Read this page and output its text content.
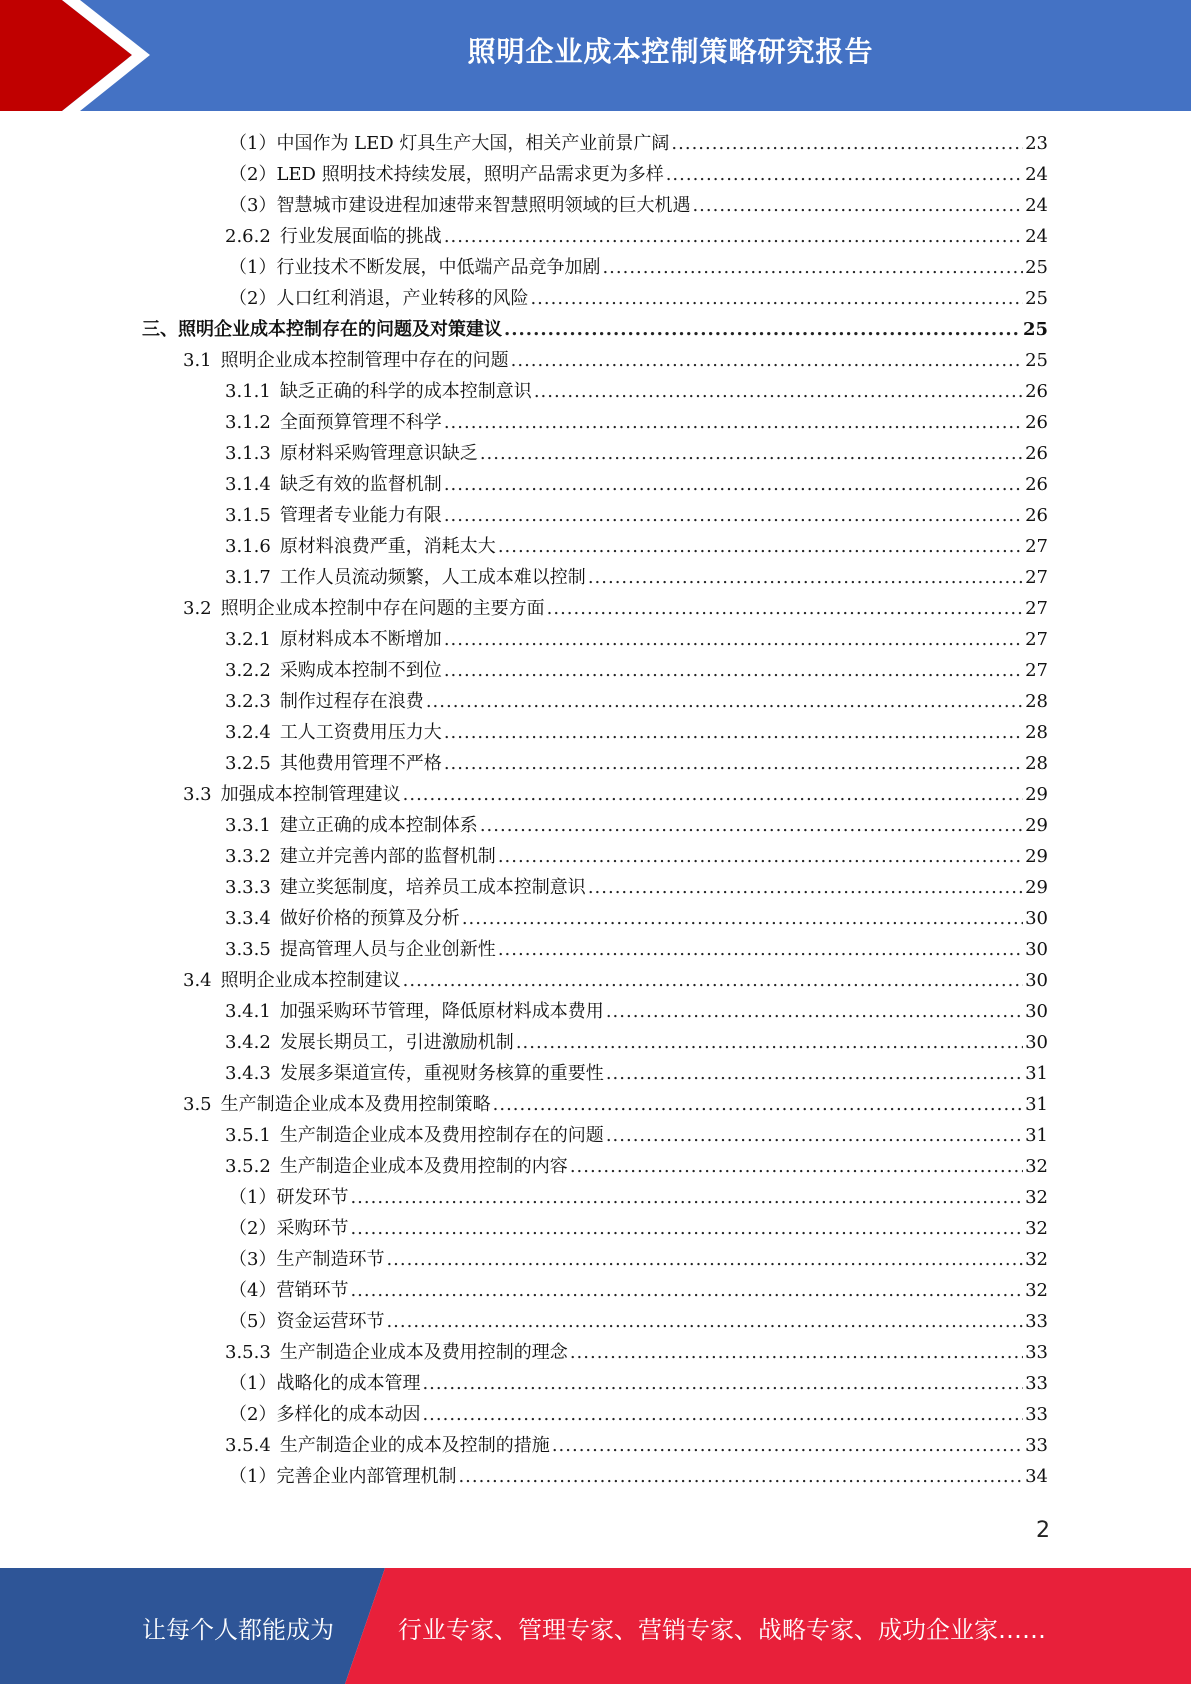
照明企业成本控制策略研究报告
（1）中国作为 LED 灯具生产大国，相关产业前景广阔 .....	23
（2）LED 照明技术持续发展，照明产品需求更为多样 .....	24
（3）智慧城市建设进程加速带来智慧照明领域的巨大机遇 .....	24
2.6.2 行业发展面临的挑战 .....	24
（1）行业技术不断发展，中低端产品竞争加剧 .....	25
（2）人口红利消退，产业转移的风险 .....	25
三、照明企业成本控制存在的问题及对策建议 .....	25
3.1 照明企业成本控制管理中存在的问题 .....	25
3.1.1 缺乏正确的科学的成本控制意识 .....	26
3.1.2 全面预算管理不科学 .....	26
3.1.3 原材料采购管理意识缺乏 .....	26
3.1.4 缺乏有效的监督机制 .....	26
3.1.5 管理者专业能力有限 .....	26
3.1.6 原材料浪费严重，消耗太大 .....	27
3.1.7 工作人员流动频繁，人工成本难以控制 .....	27
3.2 照明企业成本控制中存在问题的主要方面 .....	27
3.2.1 原材料成本不断增加 .....	27
3.2.2 采购成本控制不到位 .....	27
3.2.3 制作过程存在浪费 .....	28
3.2.4 工人工资费用压力大 .....	28
3.2.5 其他费用管理不严格 .....	28
3.3 加强成本控制管理建议 .....	29
3.3.1 建立正确的成本控制体系 .....	29
3.3.2 建立并完善内部的监督机制 .....	29
3.3.3 建立奖惩制度，培养员工成本控制意识 .....	29
3.3.4 做好价格的预算及分析 .....	30
3.3.5 提高管理人员与企业创新性 .....	30
3.4 照明企业成本控制建议 .....	30
3.4.1 加强采购环节管理，降低原材料成本费用 .....	30
3.4.2 发展长期员工，引进激励机制 .....	30
3.4.3 发展多渠道宣传，重视财务核算的重要性 .....	31
3.5 生产制造企业成本及费用控制策略 .....	31
3.5.1 生产制造企业成本及费用控制存在的问题 .....	31
3.5.2 生产制造企业成本及费用控制的内容 .....	32
（1）研发环节 .....	32
（2）采购环节 .....	32
（3）生产制造环节 .....	32
（4）营销环节 .....	32
（5）资金运营环节 .....	33
3.5.3 生产制造企业成本及费用控制的理念 .....	33
（1）战略化的成本管理 .....	33
（2）多样化的成本动因 .....	33
3.5.4 生产制造企业的成本及控制的措施 .....	33
（1）完善企业内部管理机制 .....	34
2
让每个人都能成为	行业专家、管理专家、营销专家、战略专家、成功企业家……
